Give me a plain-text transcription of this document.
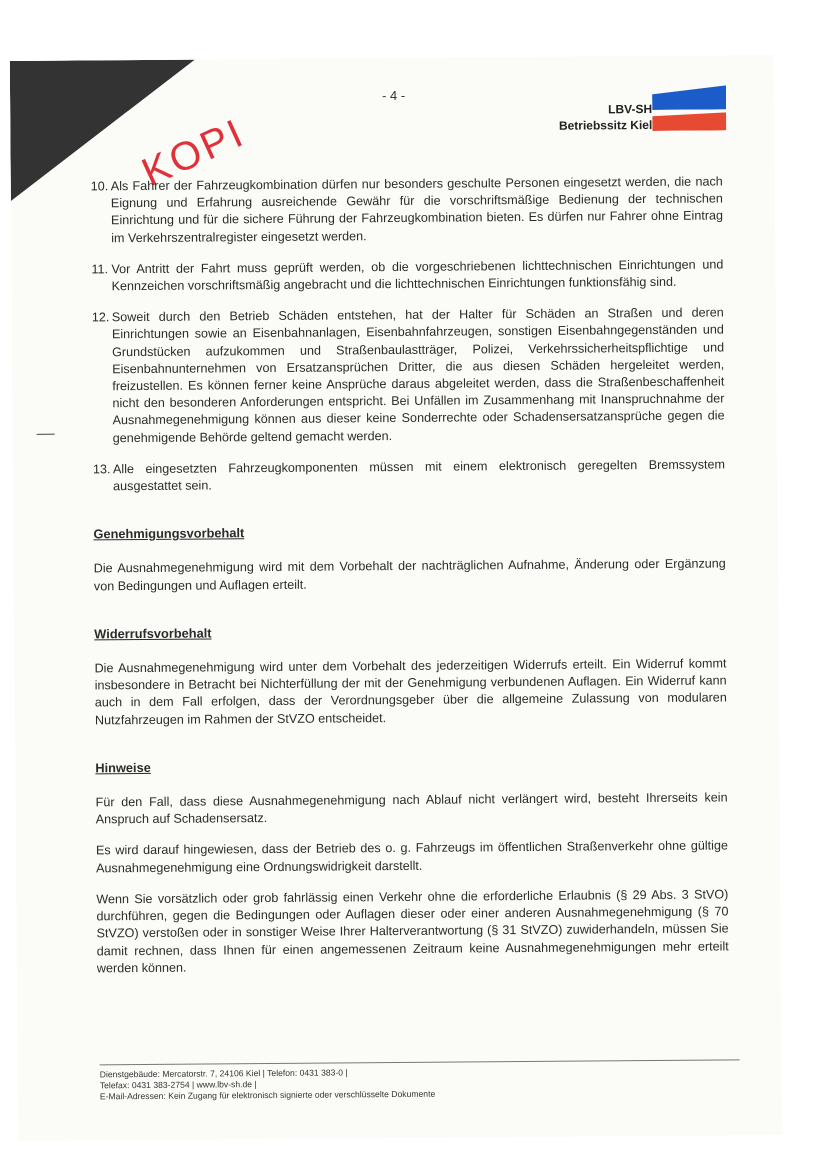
KOPI
- 4 -
LBV-SH
Betriebssitz Kiel
10. Als Fahrer der Fahrzeugkombination dürfen nur besonders geschulte Personen eingesetzt werden, die nach Eignung und Erfahrung ausreichende Gewähr für die vorschriftsmäßige Bedienung der technischen Einrichtung und für die sichere Führung der Fahrzeugkombination bieten. Es dürfen nur Fahrer ohne Eintrag im Verkehrszentralregister eingesetzt werden.
11. Vor Antritt der Fahrt muss geprüft werden, ob die vorgeschriebenen lichttechnischen Einrichtungen und Kennzeichen vorschriftsmäßig angebracht und die lichttechnischen Einrichtungen funktionsfähig sind.
12. Soweit durch den Betrieb Schäden entstehen, hat der Halter für Schäden an Straßen und deren Einrichtungen sowie an Eisenbahnanlagen, Eisenbahnfahrzeugen, sonstigen Eisenbahngegenständen und Grundstücken aufzukommen und Straßenbaulastträger, Polizei, Verkehrssicherheitspflichtige und Eisenbahnunternehmen von Ersatzansprüchen Dritter, die aus diesen Schäden hergeleitet werden, freizustellen. Es können ferner keine Ansprüche daraus abgeleitet werden, dass die Straßenbeschaffenheit nicht den besonderen Anforderungen entspricht. Bei Unfällen im Zusammenhang mit Inanspruchnahme der Ausnahmegenehmigung können aus dieser keine Sonderrechte oder Schadensersatzansprüche gegen die genehmigende Behörde geltend gemacht werden.
13. Alle eingesetzten Fahrzeugkomponenten müssen mit einem elektronisch geregelten Bremssystem ausgestattet sein.
Genehmigungsvorbehalt

Die Ausnahmegenehmigung wird mit dem Vorbehalt der nachträglichen Aufnahme, Änderung oder Ergänzung von Bedingungen und Auflagen erteilt.

Widerrufsvorbehalt

Die Ausnahmegenehmigung wird unter dem Vorbehalt des jederzeitigen Widerrufs erteilt. Ein Widerruf kommt insbesondere in Betracht bei Nichterfüllung der mit der Genehmigung verbundenen Auflagen. Ein Widerruf kann auch in dem Fall erfolgen, dass der Verordnungsgeber über die allgemeine Zulassung von modularen Nutzfahrzeugen im Rahmen der StVZO entscheidet.

Hinweise

Für den Fall, dass diese Ausnahmegenehmigung nach Ablauf nicht verlängert wird, besteht Ihrerseits kein Anspruch auf Schadensersatz.

Es wird darauf hingewiesen, dass der Betrieb des o. g. Fahrzeugs im öffentlichen Straßenverkehr ohne gültige Ausnahmegenehmigung eine Ordnungswidrigkeit darstellt.

Wenn Sie vorsätzlich oder grob fahrlässig einen Verkehr ohne die erforderliche Erlaubnis (§ 29 Abs. 3 StVO) durchführen, gegen die Bedingungen oder Auflagen dieser oder einer anderen Ausnahmegenehmigung (§ 70 StVZO) verstoßen oder in sonstiger Weise Ihrer Halterverantwortung (§ 31 StVZO) zuwiderhandeln, müssen Sie damit rechnen, dass Ihnen für einen angemessenen Zeitraum keine Ausnahmegenehmigungen mehr erteilt werden können.

Dienstgebäude: Mercatorstr. 7, 24106 Kiel | Telefon: 0431 383-0 |
Telefax: 0431 383-2754 | www.lbv-sh.de |
E-Mail-Adressen: Kein Zugang für elektronisch signierte oder verschlüsselte Dokumente
